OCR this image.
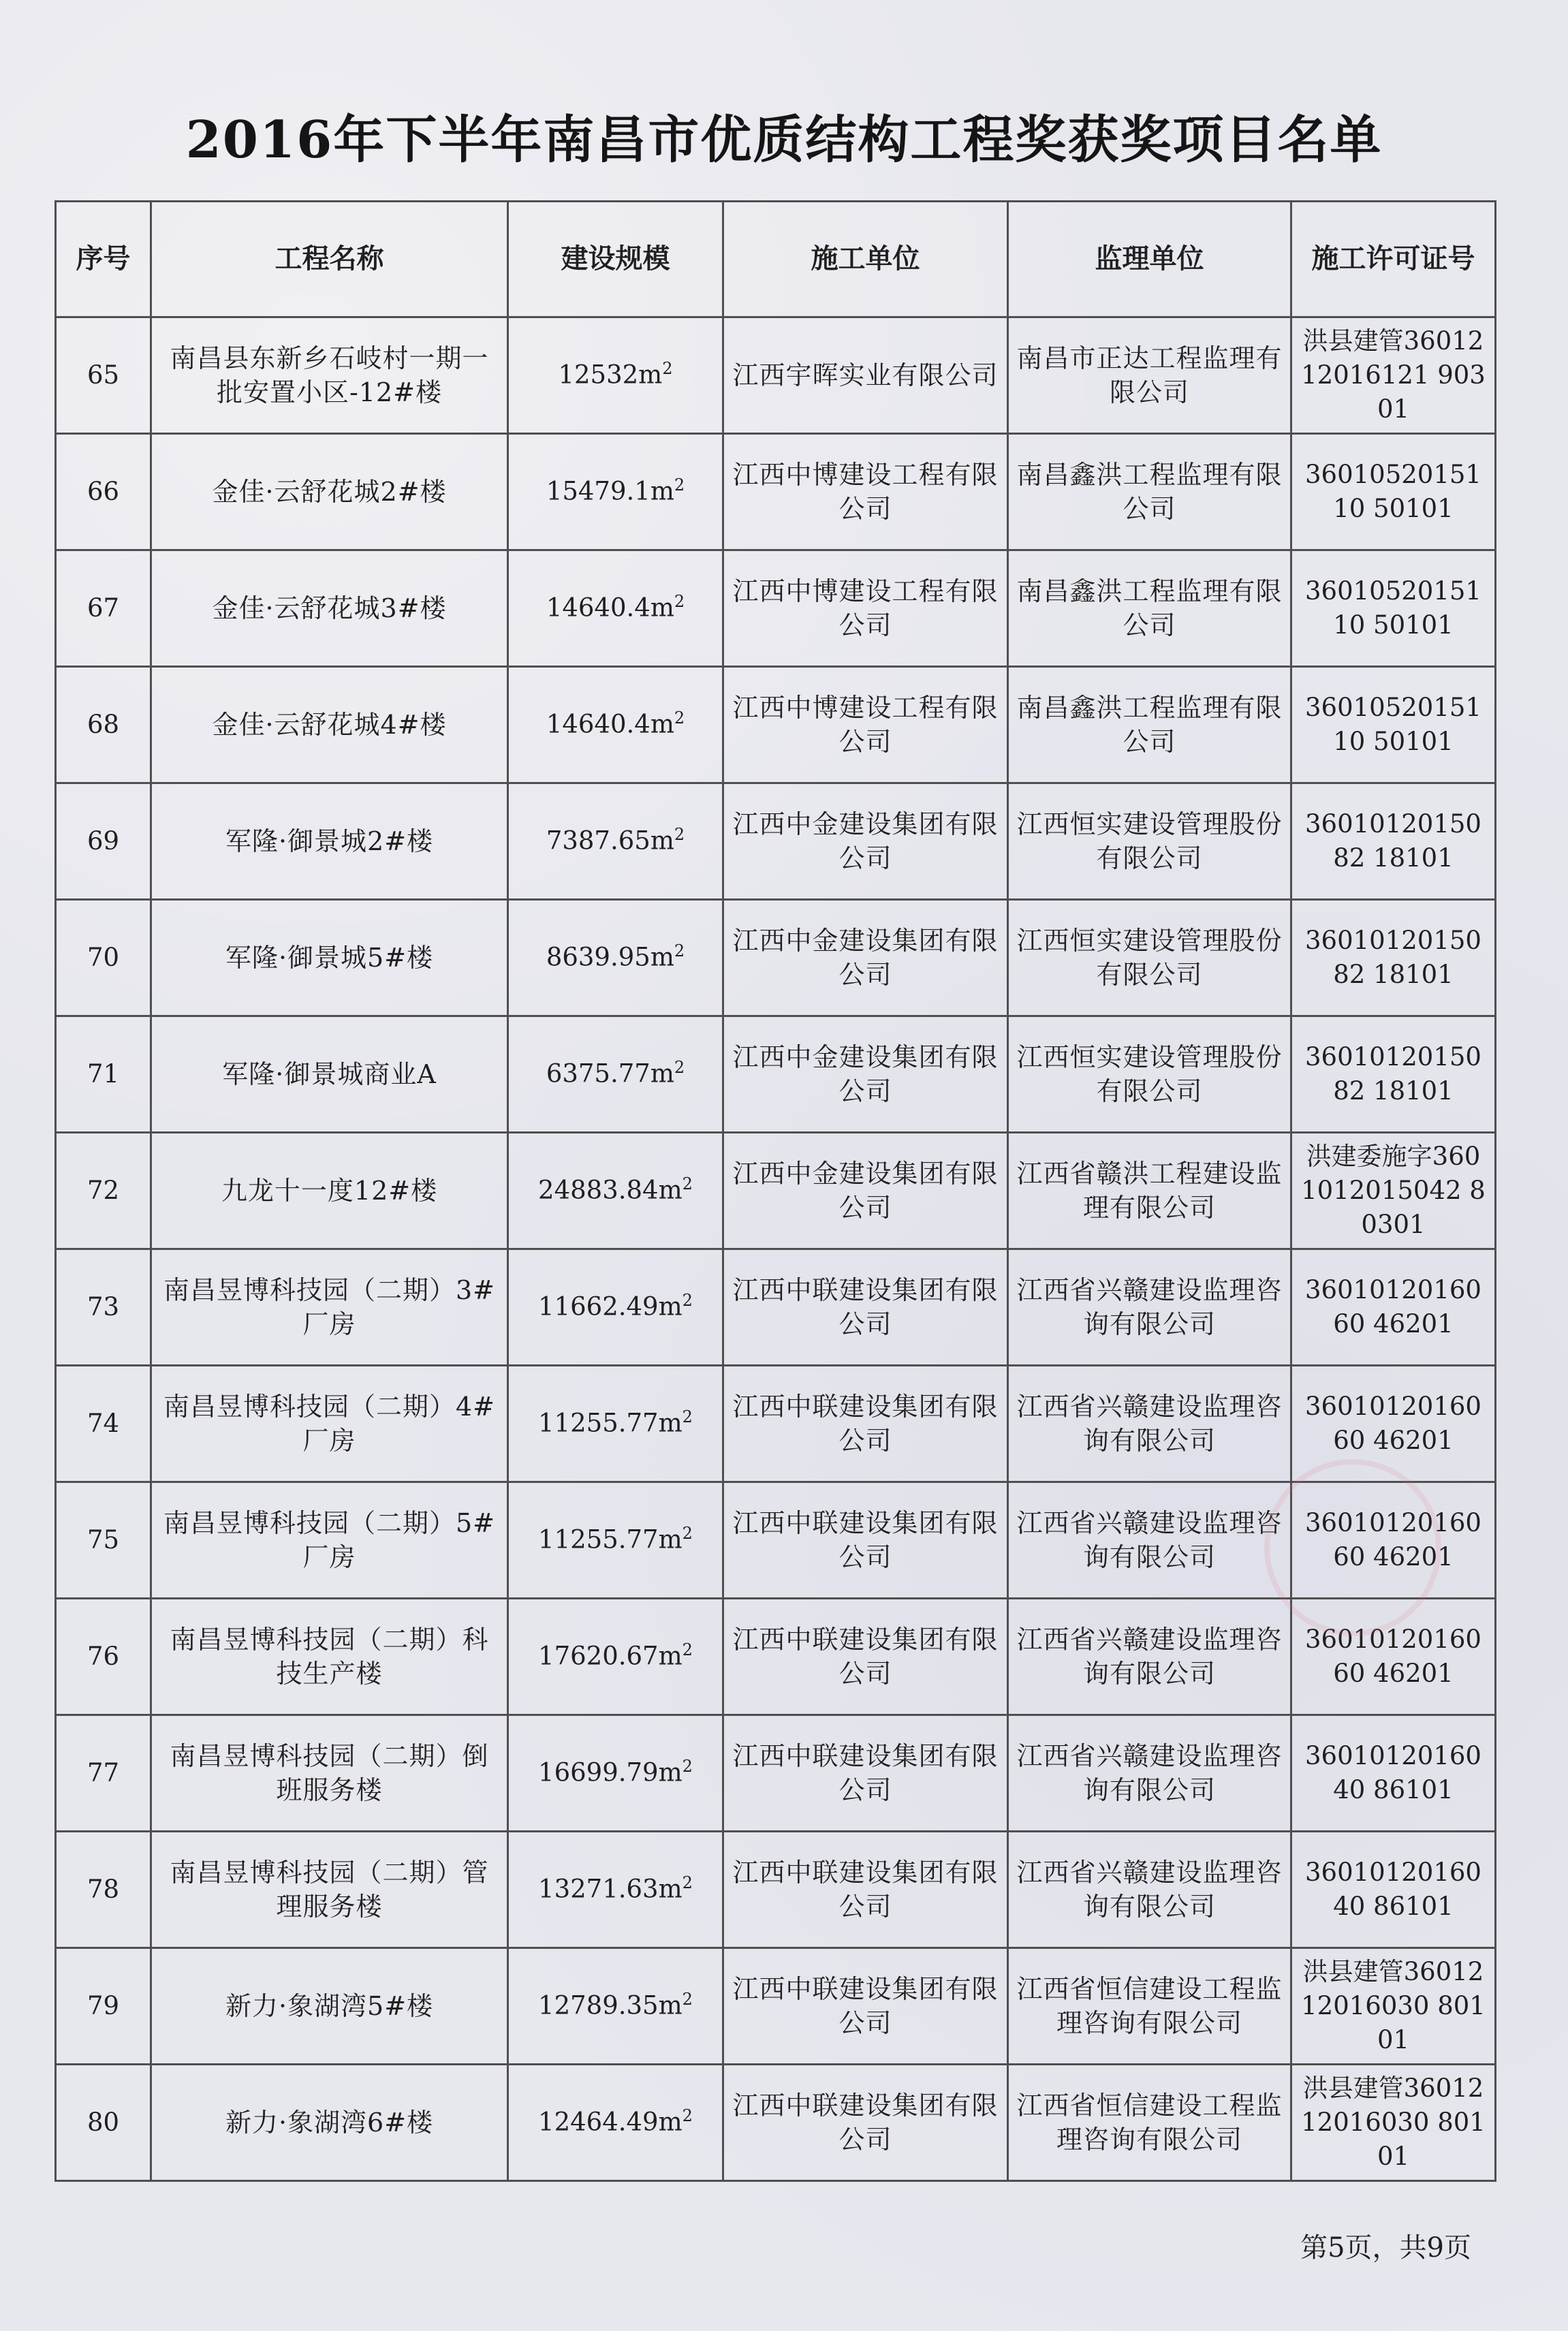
2016年下半年南昌市优质结构工程奖获奖项目名单
序号	工程名称	建设规模	施工单位	监理单位	施工许可证号
65	南昌县东新乡石岐村一期一批安置小区-12#楼	$12532m^2$	江西宇晖实业有限公司	南昌市正达工程监理有限公司	洪县建管3601212016121 90301
66	金佳·云舒花城2#楼	$15479.1m^2$	江西中博建设工程有限公司	南昌鑫洪工程监理有限公司	3601052015110 50101
67	金佳·云舒花城3#楼	$14640.4m^2$	江西中博建设工程有限公司	南昌鑫洪工程监理有限公司	3601052015110 50101
68	金佳·云舒花城4#楼	$14640.4m^2$	江西中博建设工程有限公司	南昌鑫洪工程监理有限公司	3601052015110 50101
69	军隆·御景城2#楼	$7387.65m^2$	江西中金建设集团有限公司	江西恒实建设管理股份有限公司	3601012015082 18101
70	军隆·御景城5#楼	$8639.95m^2$	江西中金建设集团有限公司	江西恒实建设管理股份有限公司	3601012015082 18101
71	军隆·御景城商业A	$6375.77m^2$	江西中金建设集团有限公司	江西恒实建设管理股份有限公司	3601012015082 18101
72	九龙十一度12#楼	$24883.84m^2$	江西中金建设集团有限公司	江西省赣洪工程建设监理有限公司	洪建委施字3601012015042 80301
73	南昌昱博科技园（二期）3#厂房	$11662.49m^2$	江西中联建设集团有限公司	江西省兴赣建设监理咨询有限公司	3601012016060 46201
74	南昌昱博科技园（二期）4#厂房	$11255.77m^2$	江西中联建设集团有限公司	江西省兴赣建设监理咨询有限公司	3601012016060 46201
75	南昌昱博科技园（二期）5#厂房	$11255.77m^2$	江西中联建设集团有限公司	江西省兴赣建设监理咨询有限公司	3601012016060 46201
76	南昌昱博科技园（二期）科技生产楼	$17620.67m^2$	江西中联建设集团有限公司	江西省兴赣建设监理咨询有限公司	3601012016060 46201
77	南昌昱博科技园（二期）倒班服务楼	$16699.79m^2$	江西中联建设集团有限公司	江西省兴赣建设监理咨询有限公司	3601012016040 86101
78	南昌昱博科技园（二期）管理服务楼	$13271.63m^2$	江西中联建设集团有限公司	江西省兴赣建设监理咨询有限公司	3601012016040 86101
79	新力·象湖湾5#楼	$12789.35m^2$	江西中联建设集团有限公司	江西省恒信建设工程监理咨询有限公司	洪县建管3601212016030 80101
80	新力·象湖湾6#楼	$12464.49m^2$	江西中联建设集团有限公司	江西省恒信建设工程监理咨询有限公司	洪县建管3601212016030 80101
第5页，共9页
